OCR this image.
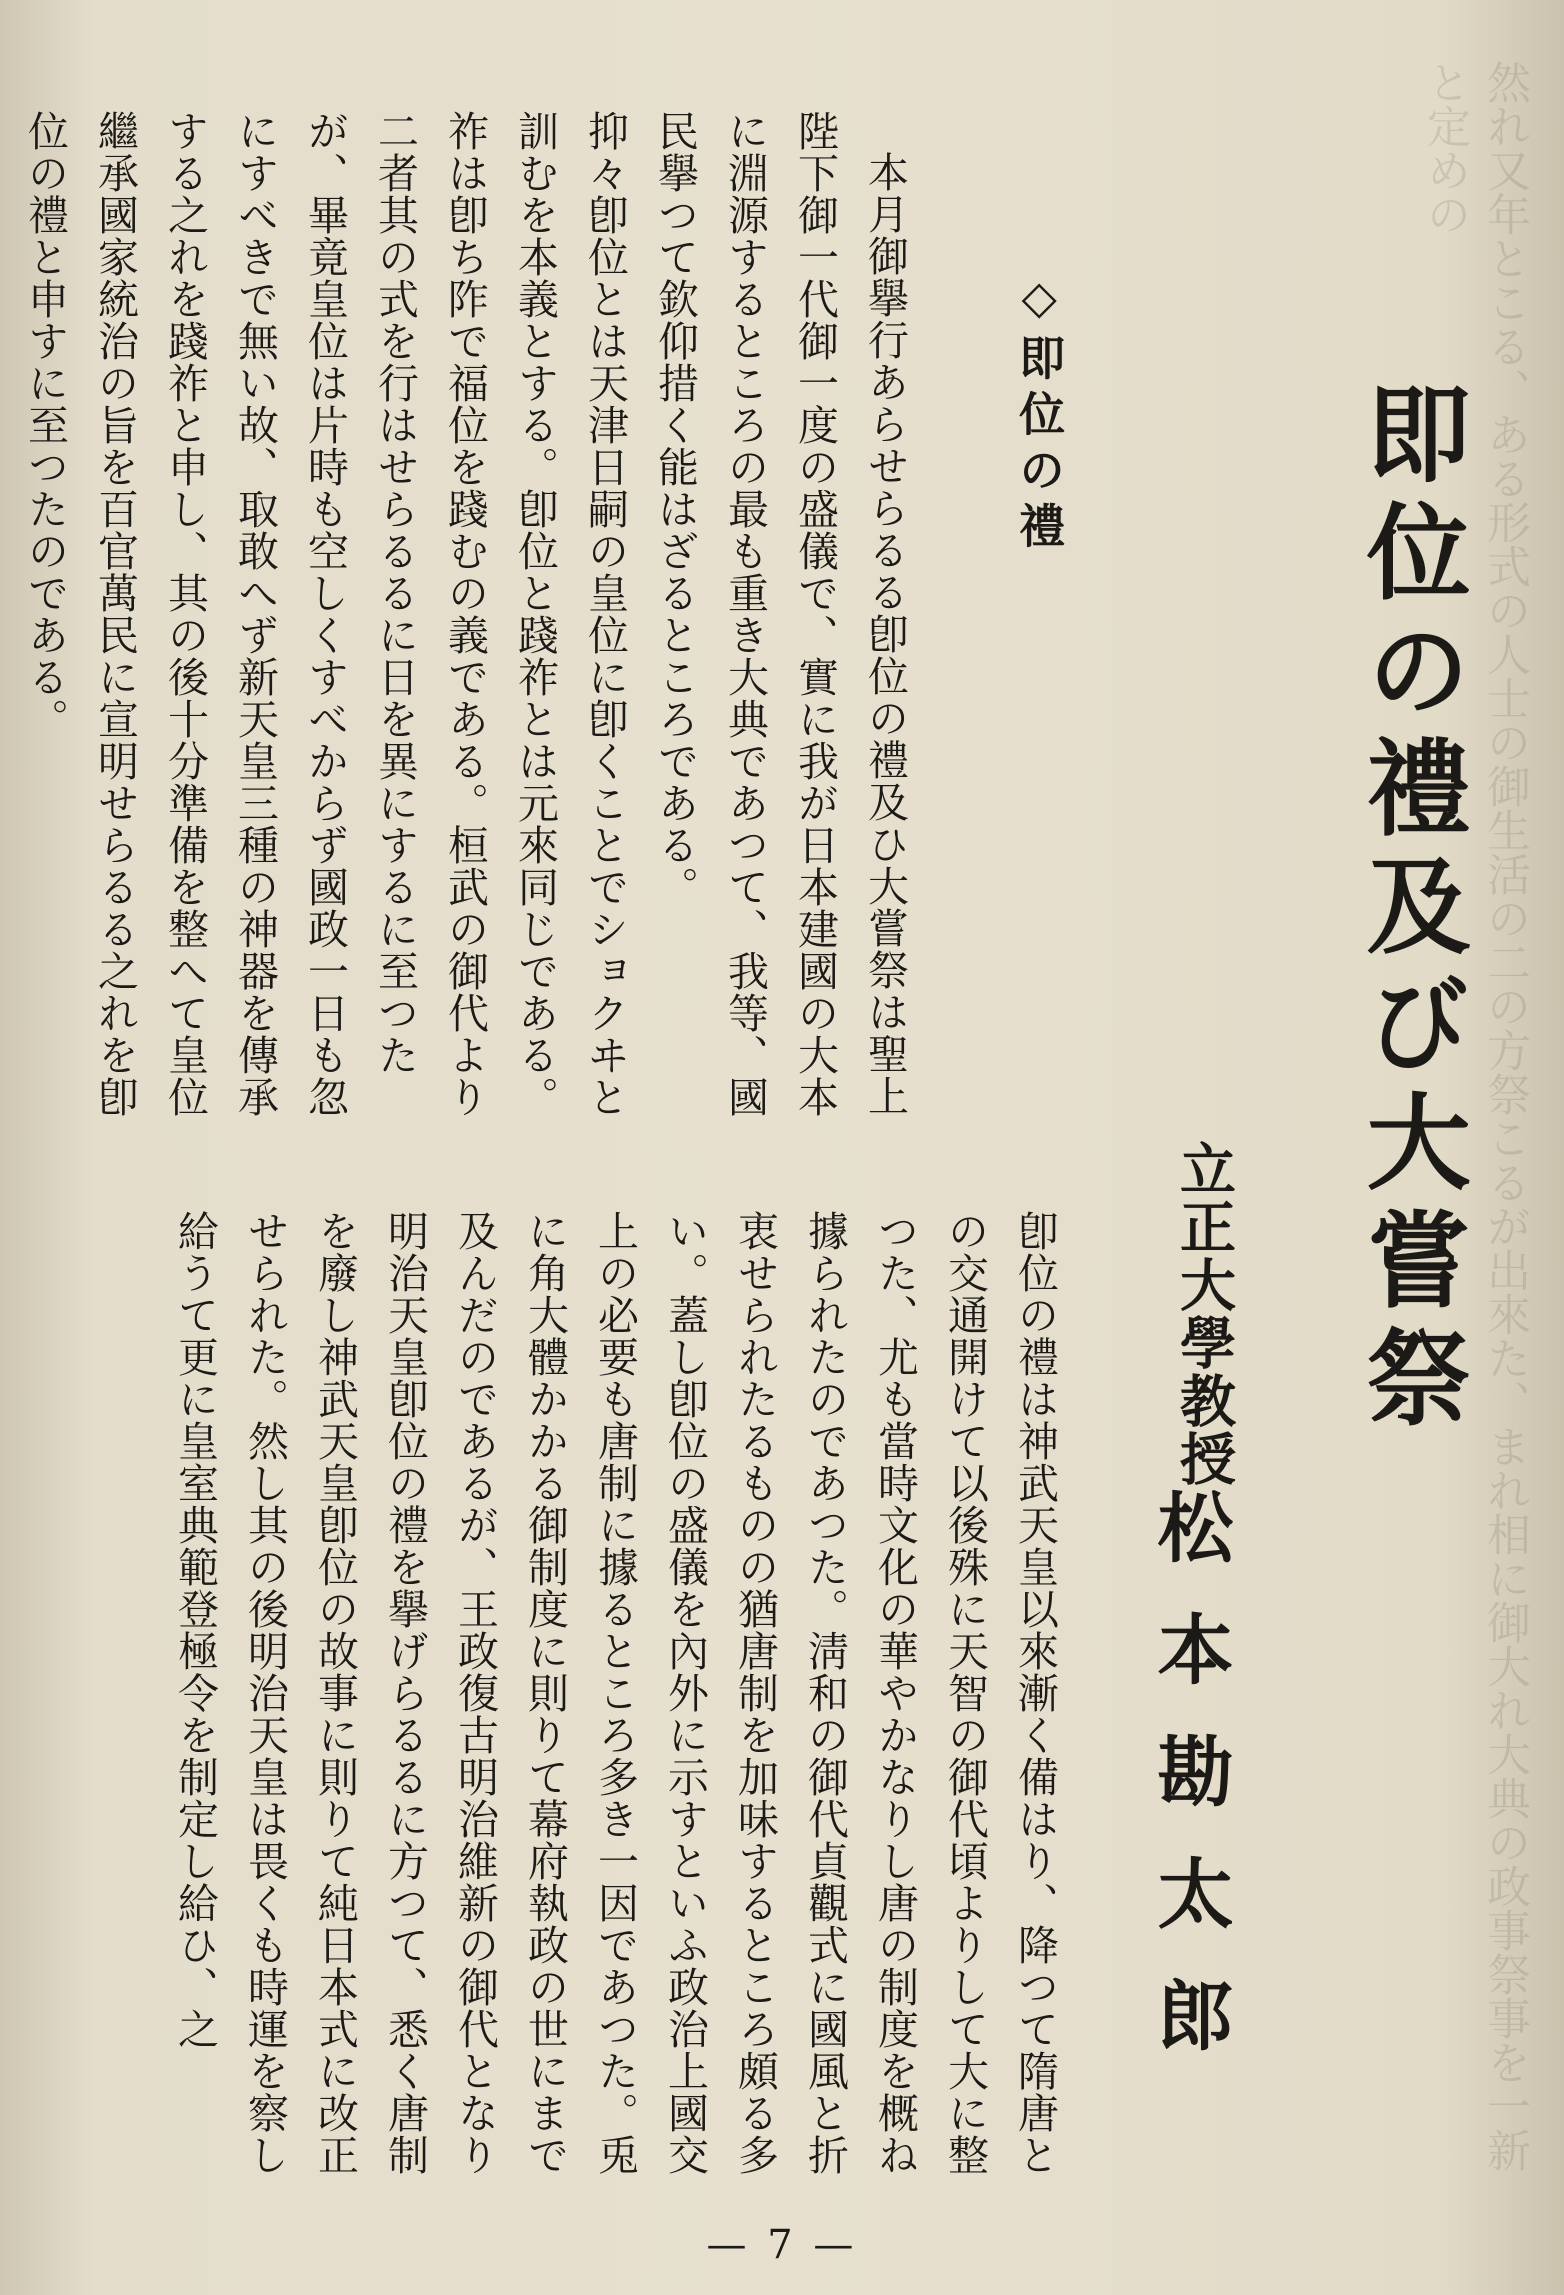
然れ又年とこる、ある形式の人士の御生活の二の方祭こるが出來た、まれ相に御大れ大典の政事祭事を一新と定めの
即位の禮及び大嘗祭
立正大學教授
松本勘太郎
◇即位の禮

本月御擧行あらせらるる卽位の禮及ひ大嘗祭は聖上陛下御一代御一度の盛儀で、實に我が日本建國の大本に淵源するところの最も重き大典であつて、我等、國民擧つて欽仰措く能はざるところである。
抑々卽位とは天津日嗣の皇位に卽くことでショクヰと訓むを本義とする。卽位と踐祚とは元來同じである。祚は卽ち阼で福位を踐むの義である。桓武の御代より二者其の式を行はせらるるに日を異にするに至つたが、畢竟皇位は片時も空しくすべからず國政一日も忽にすべきで無い故、取敢へず新天皇三種の神器を傳承する之れを踐祚と申し、其の後十分準備を整へて皇位繼承國家統治の旨を百官萬民に宣明せらるる之れを卽位の禮と申すに至つたのである。

卽位の禮は神武天皇以來漸く備はり、降つて隋唐との交通開けて以後殊に天智の御代頃よりして大に整つた、尤も當時文化の華やかなりし唐の制度を概ね據られたのであつた。淸和の御代貞觀式に國風と折衷せられたるものの猶唐制を加味するところ頗る多い。蓋し卽位の盛儀を內外に示すといふ政治上國交上の必要も唐制に據るところ多き一因であつた。兎に角大體かかる御制度に則りて幕府執政の世にまで及んだのであるが、王政復古明治維新の御代となり明治天皇卽位の禮を擧げらるるに方つて、悉く唐制を廢し神武天皇卽位の故事に則りて純日本式に改正せられた。然し其の後明治天皇は畏くも時運を察し給うて更に皇室典範登極令を制定し給ひ、之

— 7 —
